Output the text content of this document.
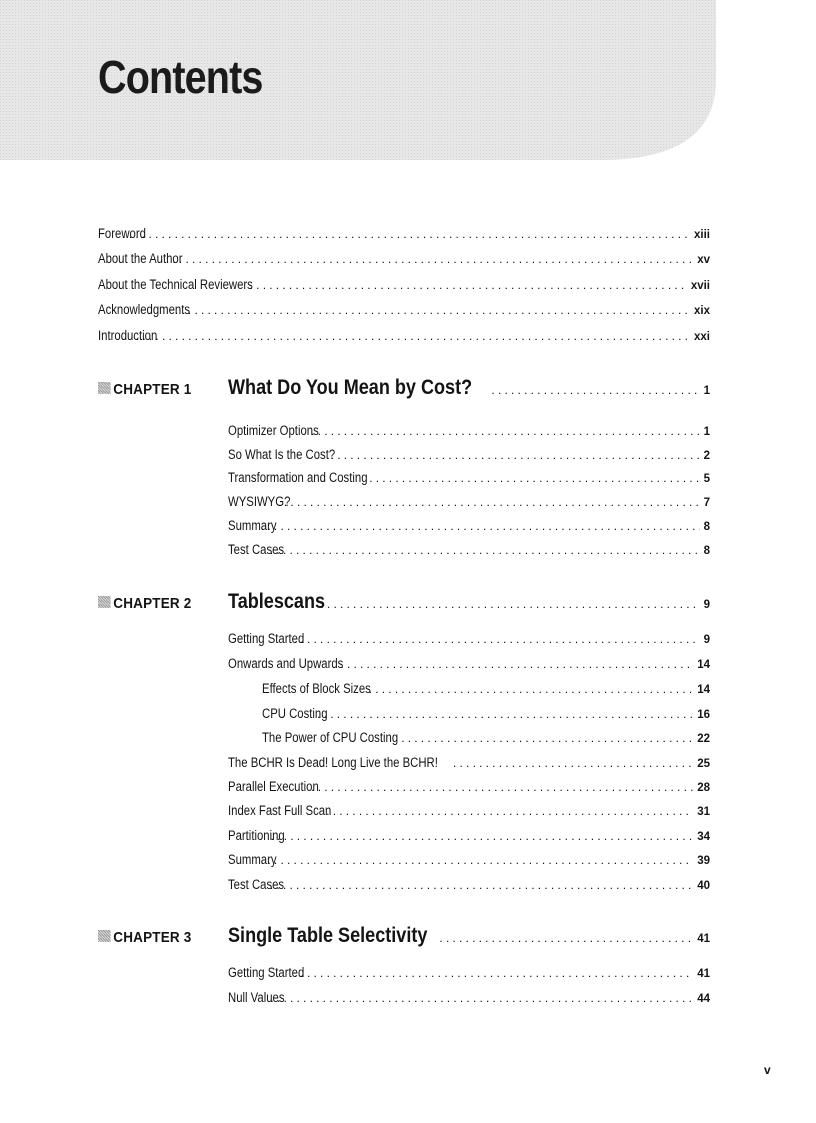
Contents
Foreword .....	xiii
About the Author .....	xv
About the Technical Reviewers .....	xvii
Acknowledgments .....	xix
Introduction .....	xxi
CHAPTER 1 What Do You Mean by Cost? .....	1
Optimizer Options .....	1
So What Is the Cost? .....	2
Transformation and Costing .....	5
WYSIWYG? .....	7
Summary .....	8
Test Cases .....	8
CHAPTER 2 Tablescans .....	9
Getting Started .....	9
Onwards and Upwards .....	14
Effects of Block Sizes .....	14
CPU Costing .....	16
The Power of CPU Costing .....	22
The BCHR Is Dead! Long Live the BCHR! .....	25
Parallel Execution .....	28
Index Fast Full Scan .....	31
Partitioning .....	34
Summary .....	39
Test Cases .....	40
CHAPTER 3 Single Table Selectivity .....	41
Getting Started .....	41
Null Values .....	44
v
